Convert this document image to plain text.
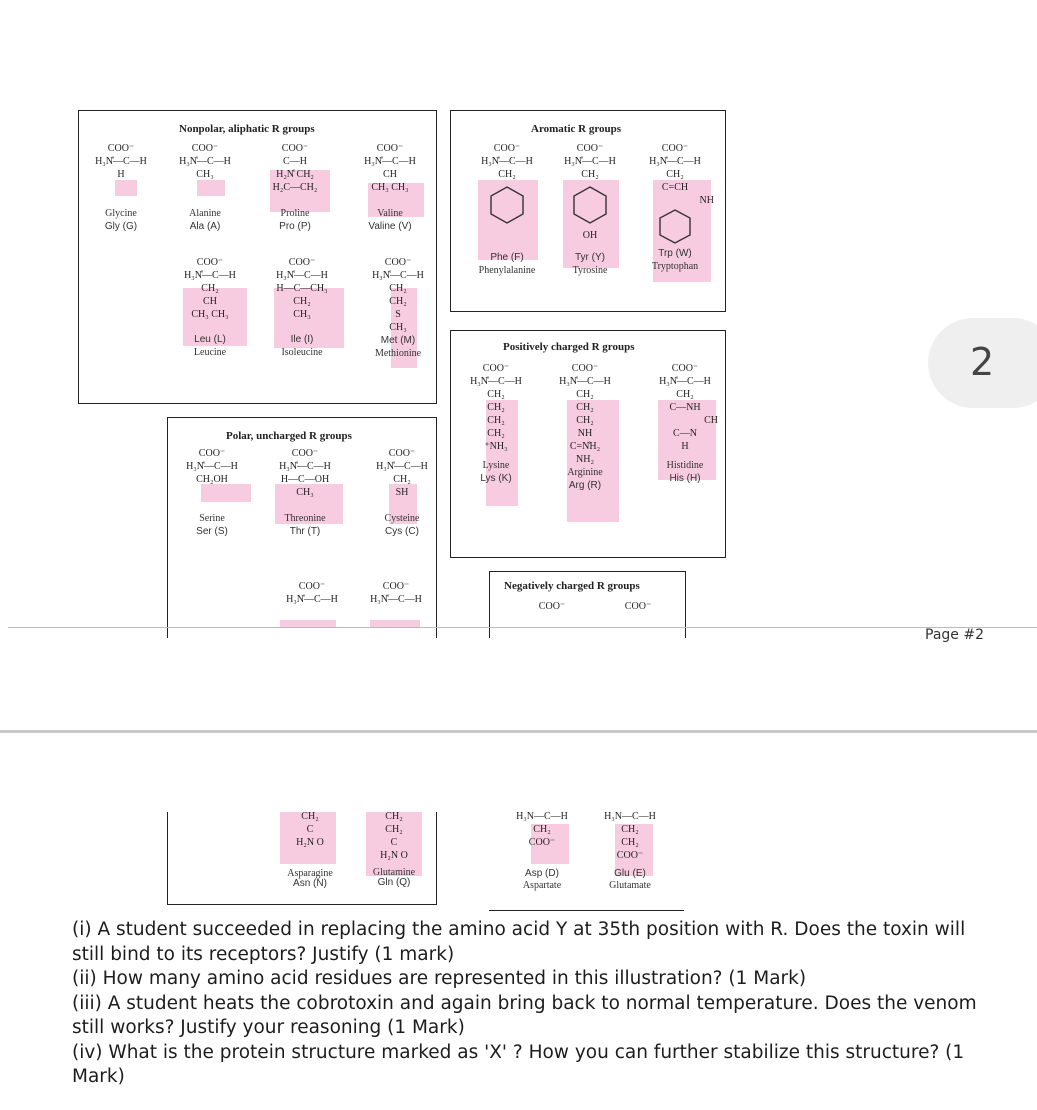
2
Nonpolar, aliphatic R groups	Aromatic R groups
Positively charged R groups
Polar, uncharged R groups
Negatively charged R groups
COO⁻
H₃N̊—C—H
H
Glycine
Gly (G)
COO⁻
H₃N̊—C—H
CH₃
Alanine
Ala (A)
COO⁻
C—H
H₂N̊ CH₂
H₂C—CH₂
Proline
Pro (P)
COO⁻
H₃N̊—C—H
CH
CH₃ CH₃
Valine
Valine (V)
COO⁻
H₃N̊—C—H
CH₂
CH
CH₃ CH₃
Leu (L)
Leucine
COO⁻
H₃N̊—C—H
H—C—CH₃
CH₂
CH₃
Ile (I)
Isoleucine
COO⁻
H₃N̊—C—H
CH₂
CH₂
S
CH₃
Met (M)
Methionine
COO⁻
H₃N̊—C—H
CH₂
Phe (F)
Phenylalanine
COO⁻
H₃N̊—C—H
CH₂
OH
Tyr (Y)
Tyrosine
COO⁻
H₃N̊—C—H
CH₂
C=CH
NH
Trp (W)
Tryptophan
COO⁻
H₃N̊—C—H
CH₂
CH₂
CH₂
CH₂
⁺NH₃
Lysine
Lys (K)
COO⁻
H₃N̊—C—H
CH₂
CH₂
CH₂
NH
C=N̊H₂
NH₂
Arginine
Arg (R)
COO⁻
H₃N̊—C—H
CH₂
C—NH
CH
C—N
H
Histidine
His (H)
COO⁻
H₃N̊—C—H
CH₂OH
Serine
Ser (S)
COO⁻
H₃N̊—C—H
H—C—OH
CH₃
Threonine
Thr (T)
COO⁻
H₃N̊—C—H
CH₂
SH
Cysteine
Cys (C)
COO⁻
H₃N̊—C—H
COO⁻
H₃N̊—C—H
COO⁻	COO⁻
Page #2
CH₂
C
H₂N O
Asparagine
Asn (N)
CH₂
CH₂
C
H₂N O
Glutamine
Gln (Q)
H₃N—C—H
CH₂
COO⁻
Asp (D)
Aspartate
H₃N—C—H
CH₂
CH₂
COO⁻
Glu (E)
Glutamate

(i) A student succeeded in replacing the amino acid Y at 35th position with R. Does the toxin will still bind to its receptors? Justify (1 mark)

(ii) How many amino acid residues are represented in this illustration? (1 Mark)

(iii) A student heats the cobrotoxin and again bring back to normal temperature. Does the venom still works? Justify your reasoning (1 Mark)

(iv) What is the protein structure marked as 'X' ? How you can further stabilize this structure? (1 Mark)
